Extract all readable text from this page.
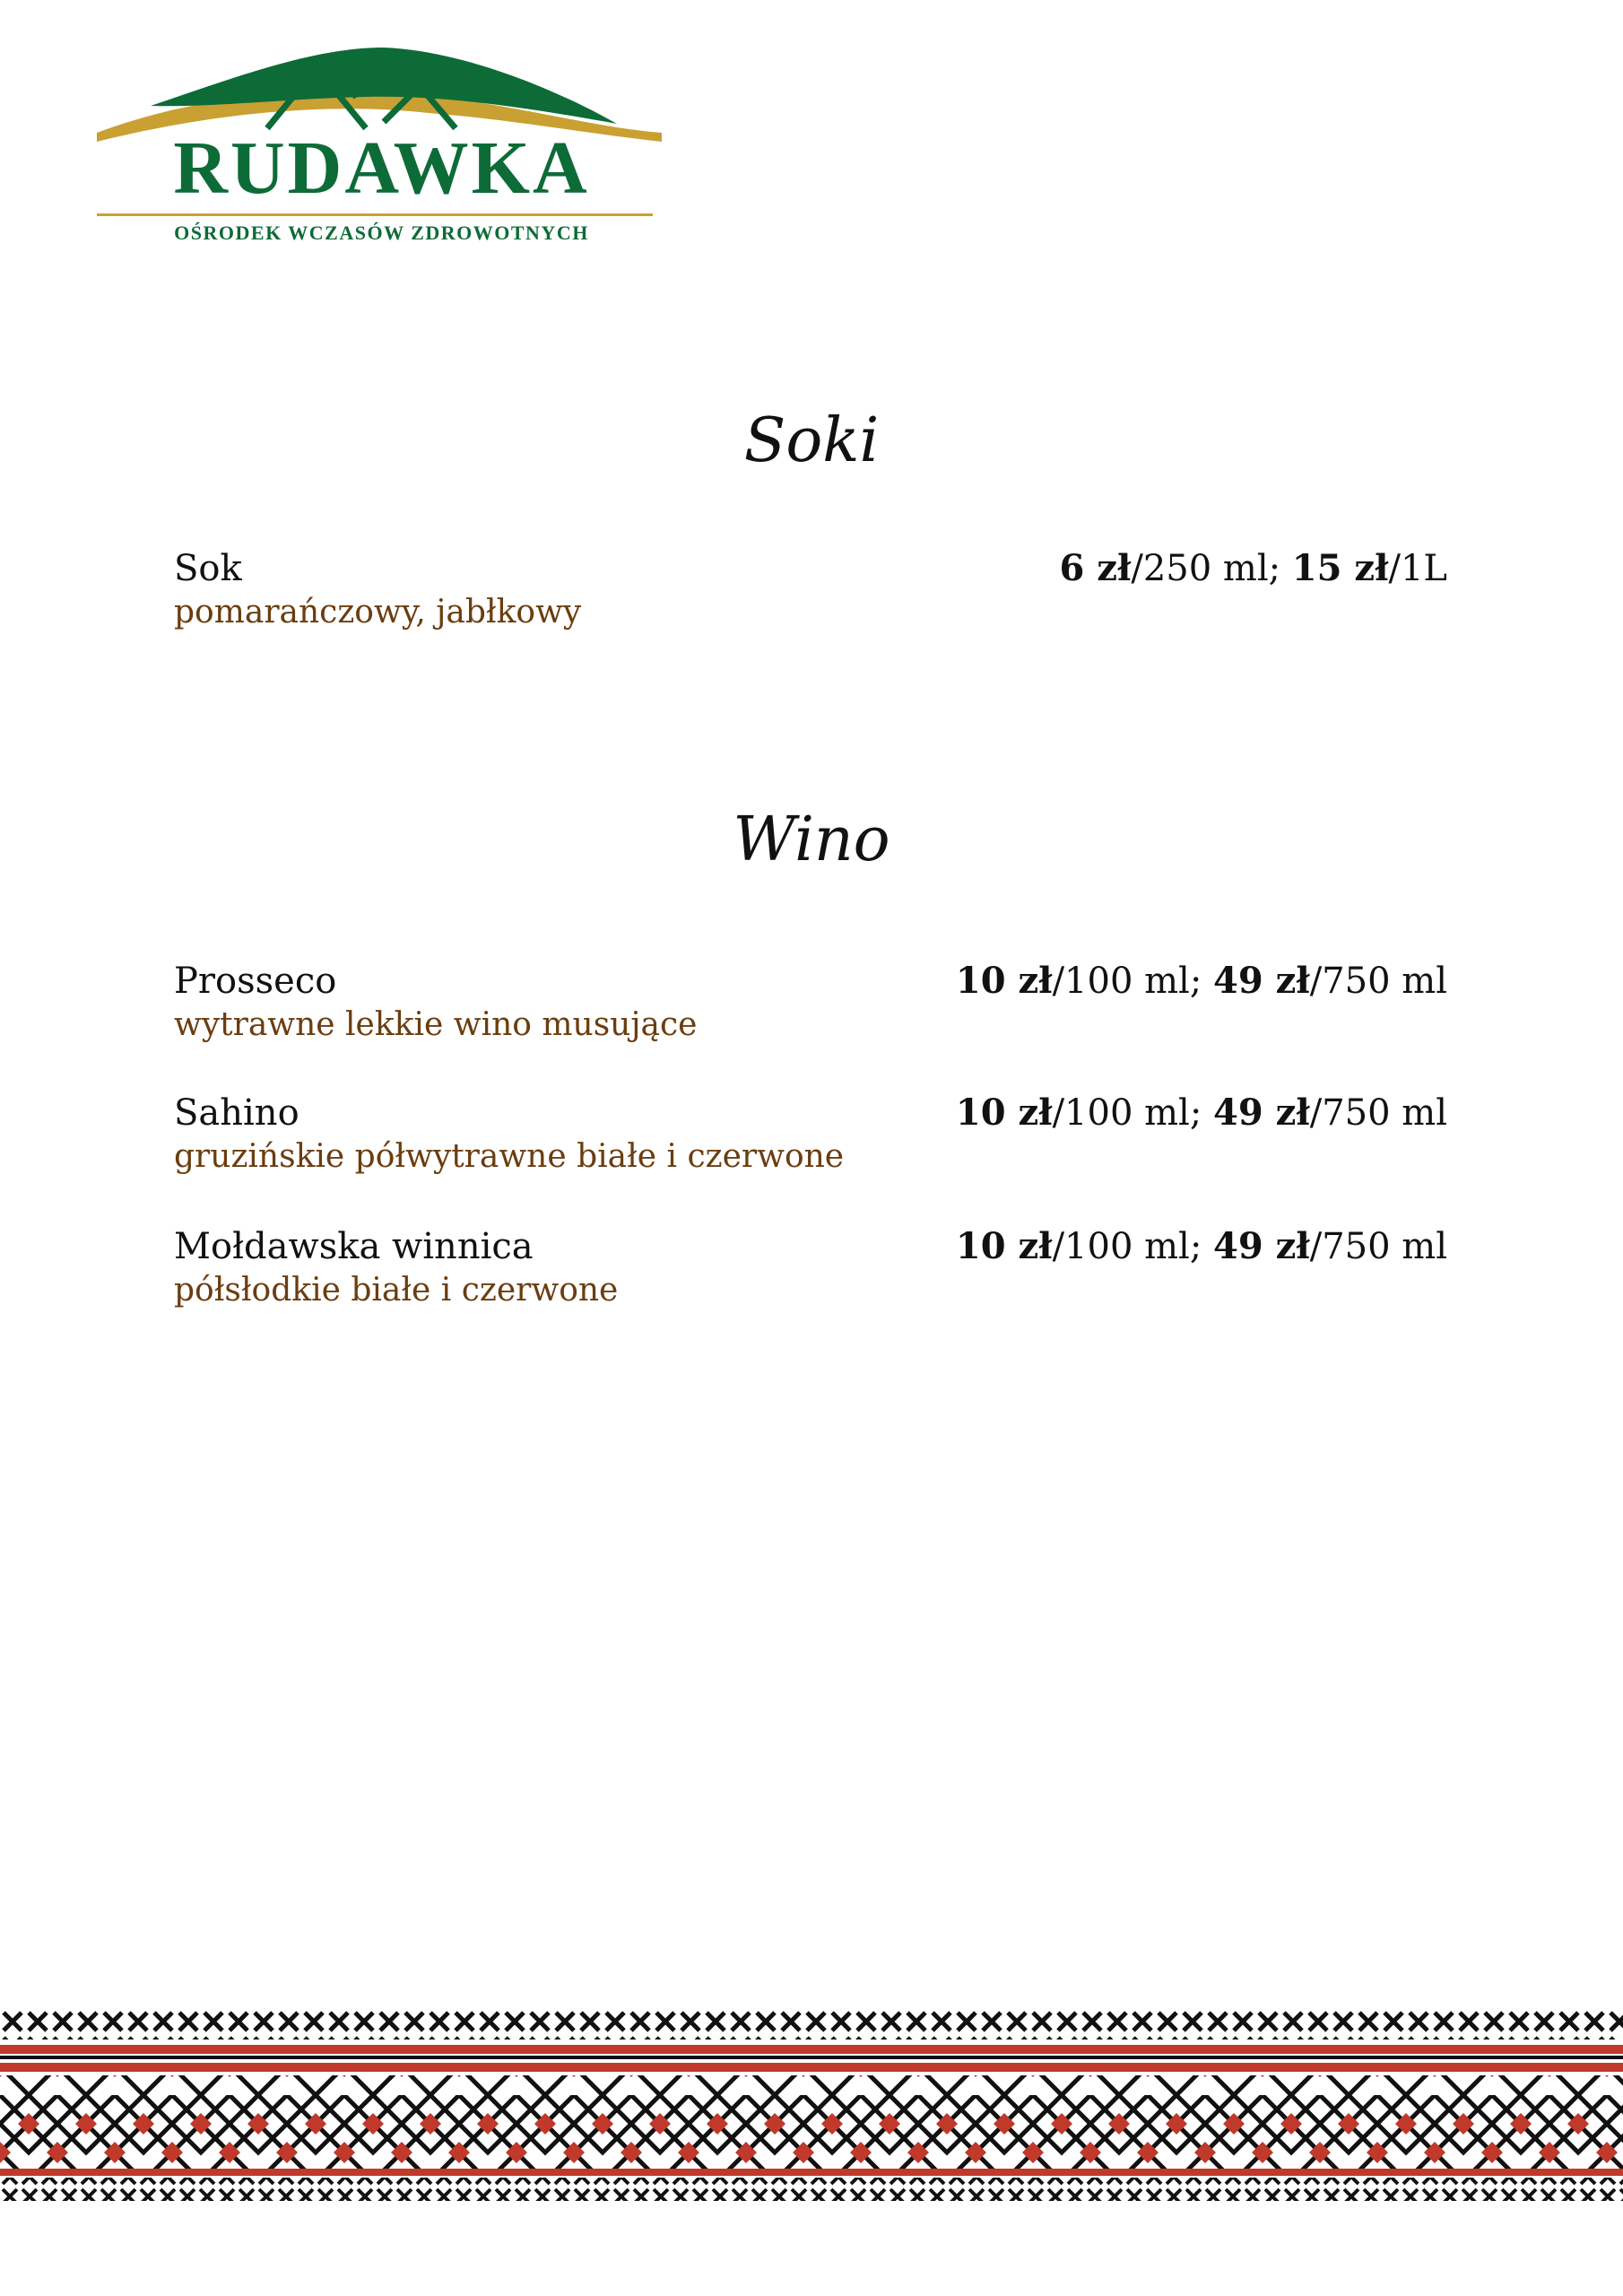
RUDAWKA
OŚRODEK WCZASÓW ZDROWOTNYCH
Soki
Sok
pomarańczowy, jabłkowy
6 zł/250 ml; 15 zł/1L
Wino
Prosseco
wytrawne lekkie wino musujące
10 zł/100 ml; 49 zł/750 ml
Sahino
gruzińskie półwytrawne białe i czerwone
10 zł/100 ml; 49 zł/750 ml
Mołdawska winnica
półsłodkie białe i czerwone
10 zł/100 ml; 49 zł/750 ml
